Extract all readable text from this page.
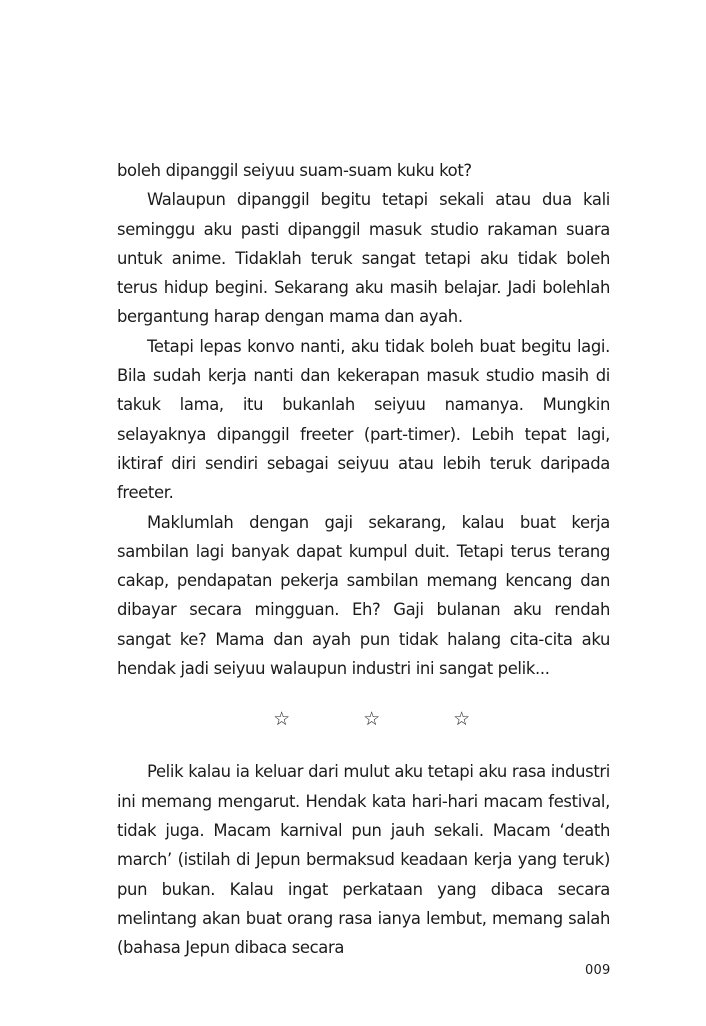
boleh dipanggil seiyuu suam-suam kuku kot?

Walaupun dipanggil begitu tetapi sekali atau dua kali seminggu aku pasti dipanggil masuk studio rakaman suara untuk anime. Tidaklah teruk sangat tetapi aku tidak boleh terus hidup begini. Sekarang aku masih belajar. Jadi bolehlah bergantung harap dengan mama dan ayah.

Tetapi lepas konvo nanti, aku tidak boleh buat begitu lagi. Bila sudah kerja nanti dan kekerapan masuk studio masih di takuk lama, itu bukanlah seiyuu namanya. Mungkin selayaknya dipanggil freeter (part-timer). Lebih tepat lagi, iktiraf diri sendiri sebagai seiyuu atau lebih teruk daripada freeter.

Maklumlah dengan gaji sekarang, kalau buat kerja sambilan lagi banyak dapat kumpul duit. Tetapi terus terang cakap, pendapatan pekerja sambilan memang kencang dan dibayar secara mingguan. Eh? Gaji bulanan aku rendah sangat ke? Mama dan ayah pun tidak halang cita-cita aku hendak jadi seiyuu walaupun industri ini sangat pelik...

☆	☆	☆

Pelik kalau ia keluar dari mulut aku tetapi aku rasa industri ini memang mengarut. Hendak kata hari-hari macam festival, tidak juga. Macam karnival pun jauh sekali. Macam ‘death march’ (istilah di Jepun bermaksud keadaan kerja yang teruk) pun bukan. Kalau ingat perkataan yang dibaca secara melintang akan buat orang rasa ianya lembut, memang salah (bahasa Jepun dibaca secara

009
